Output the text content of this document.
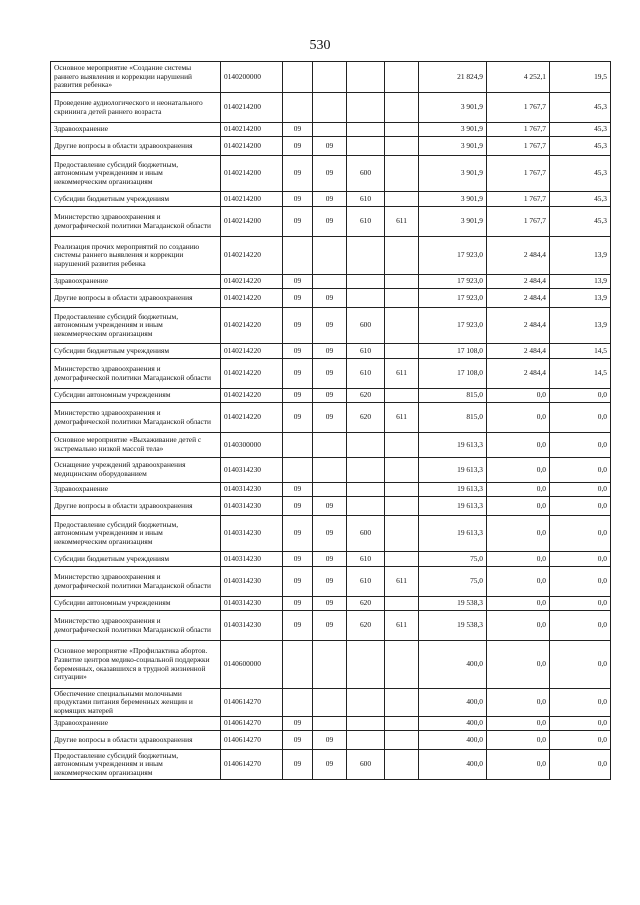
530
Основное мероприятие «Создание системы раннего выявления и коррекции нарушений развития ребенка»	0140200000					21 824,9	4 252,1	19,5
Проведение аудиологического и неонатального скрининга детей раннего возраста	0140214200					3 901,9	1 767,7	45,3
Здравоохранение	0140214200	09				3 901,9	1 767,7	45,3
Другие вопросы в области здравоохранения	0140214200	09	09			3 901,9	1 767,7	45,3
Предоставление субсидий бюджетным, автономным учреждениям и иным некоммерческим организациям	0140214200	09	09	600		3 901,9	1 767,7	45,3
Субсидии бюджетным учреждениям	0140214200	09	09	610		3 901,9	1 767,7	45,3
Министерство здравоохранения и демографической политики Магаданской области	0140214200	09	09	610	611	3 901,9	1 767,7	45,3
Реализация прочих мероприятий по созданию системы раннего выявления и коррекции нарушений развития ребенка	0140214220					17 923,0	2 484,4	13,9
Здравоохранение	0140214220	09				17 923,0	2 484,4	13,9
Другие вопросы в области здравоохранения	0140214220	09	09			17 923,0	2 484,4	13,9
Предоставление субсидий бюджетным, автономным учреждениям и иным некоммерческим организациям	0140214220	09	09	600		17 923,0	2 484,4	13,9
Субсидии бюджетным учреждениям	0140214220	09	09	610		17 108,0	2 484,4	14,5
Министерство здравоохранения и демографической политики Магаданской области	0140214220	09	09	610	611	17 108,0	2 484,4	14,5
Субсидии автономным учреждениям	0140214220	09	09	620		815,0	0,0	0,0
Министерство здравоохранения и демографической политики Магаданской области	0140214220	09	09	620	611	815,0	0,0	0,0
Основное мероприятие «Выхаживание детей с экстремально низкой массой тела»	0140300000					19 613,3	0,0	0,0
Оснащение учреждений здравоохранения медицинским оборудованием	0140314230					19 613,3	0,0	0,0
Здравоохранение	0140314230	09				19 613,3	0,0	0,0
Другие вопросы в области здравоохранения	0140314230	09	09			19 613,3	0,0	0,0
Предоставление субсидий бюджетным, автономным учреждениям и иным некоммерческим организациям	0140314230	09	09	600		19 613,3	0,0	0,0
Субсидии бюджетным учреждениям	0140314230	09	09	610		75,0	0,0	0,0
Министерство здравоохранения и демографической политики Магаданской области	0140314230	09	09	610	611	75,0	0,0	0,0
Субсидии автономным учреждениям	0140314230	09	09	620		19 538,3	0,0	0,0
Министерство здравоохранения и демографической политики Магаданской области	0140314230	09	09	620	611	19 538,3	0,0	0,0
Основное мероприятие «Профилактика абортов. Развитие центров медико-социальной поддержки беременных, оказавшихся в трудной жизненной ситуации»	0140600000					400,0	0,0	0,0
Обеспечение специальными молочными продуктами питания беременных женщин и кормящих матерей	0140614270					400,0	0,0	0,0
Здравоохранение	0140614270	09				400,0	0,0	0,0
Другие вопросы в области здравоохранения	0140614270	09	09			400,0	0,0	0,0
Предоставление субсидий бюджетным, автономным учреждениям и иным некоммерческим организациям	0140614270	09	09	600		400,0	0,0	0,0
